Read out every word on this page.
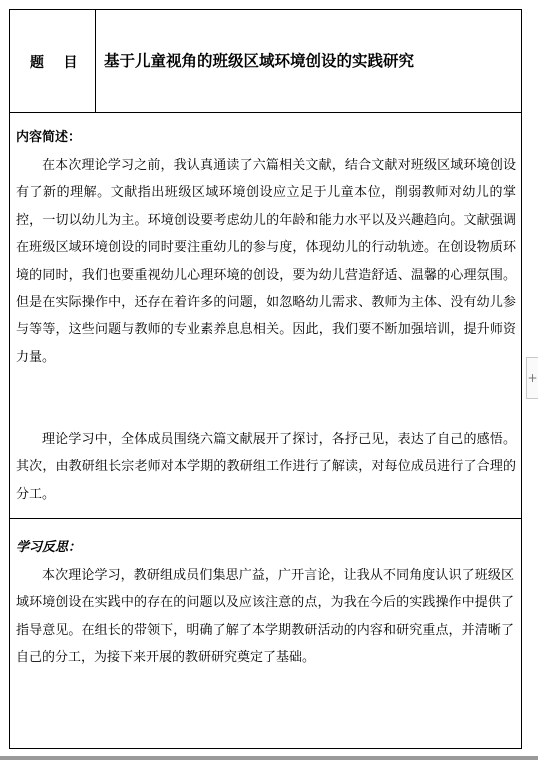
题    目 基于儿童视角的班级区域环境创设的实践研究
内容简述：

在本次理论学习之前，我认真通读了六篇相关文献，结合文献对班级区域环境创设有了新的理解。文献指出班级区域环境创设应立足于儿童本位，削弱教师对幼儿的掌控，一切以幼儿为主。环境创设要考虑幼儿的年龄和能力水平以及兴趣趋向。文献强调在班级区域环境创设的同时要注重幼儿的参与度，体现幼儿的行动轨迹。在创设物质环境的同时，我们也要重视幼儿心理环境的创设，要为幼儿营造舒适、温馨的心理氛围。但是在实际操作中，还存在着许多的问题，如忽略幼儿需求、教师为主体、没有幼儿参与等等，这些问题与教师的专业素养息息相关。因此，我们要不断加强培训，提升师资力量。

理论学习中，全体成员围绕六篇文献展开了探讨，各抒己见，表达了自己的感悟。其次，由教研组长宗老师对本学期的教研组工作进行了解读，对每位成员进行了合理的分工。

学习反思：

本次理论学习，教研组成员们集思广益，广开言论，让我从不同角度认识了班级区域环境创设在实践中的存在的问题以及应该注意的点，为我在今后的实践操作中提供了指导意见。在组长的带领下，明确了解了本学期教研活动的内容和研究重点，并清晰了自己的分工，为接下来开展的教研研究奠定了基础。

+
